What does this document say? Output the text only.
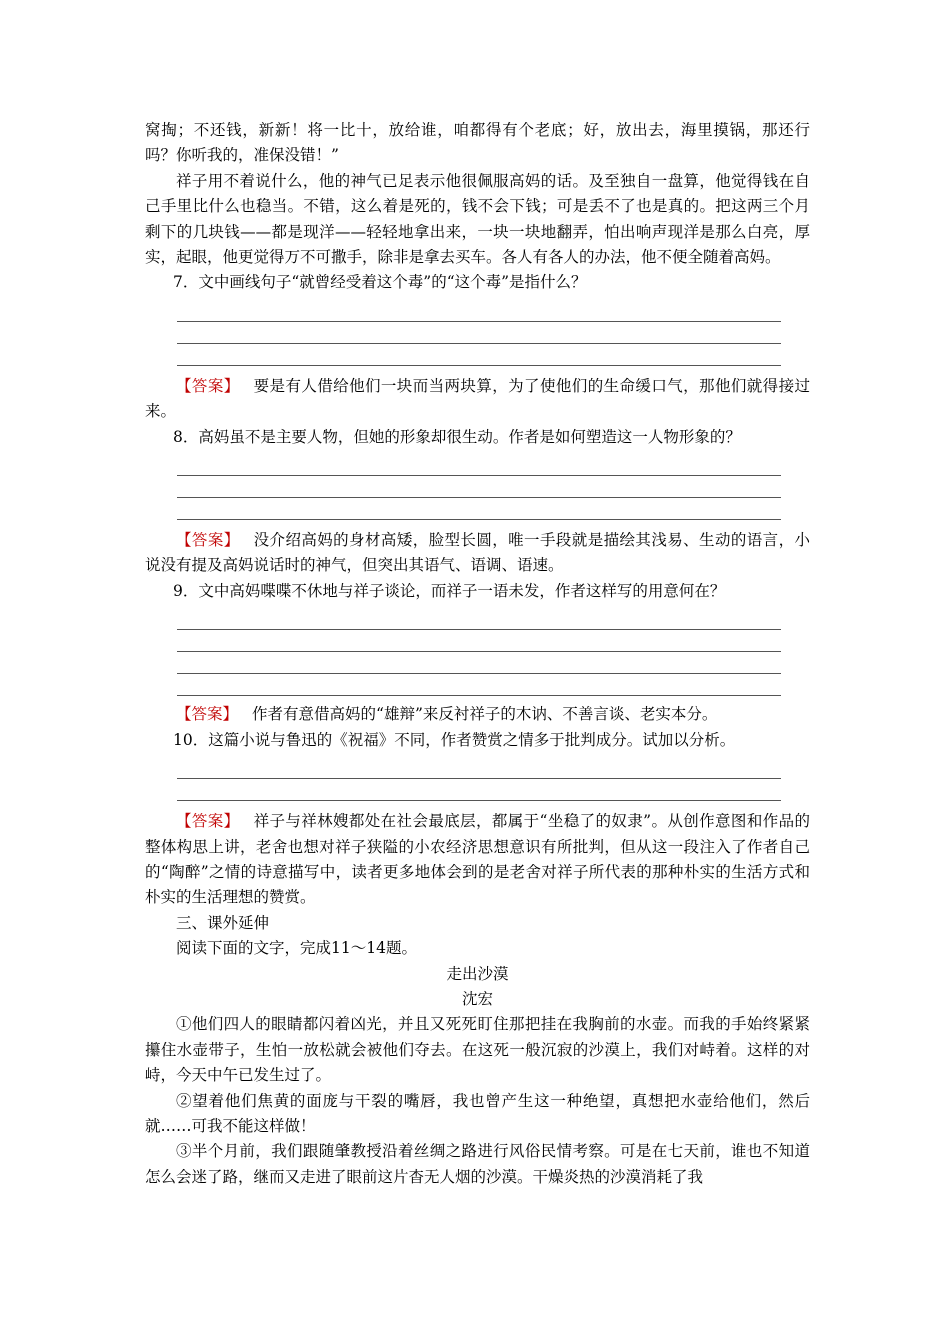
窝掏；不还钱，新新！将一比十，放给谁，咱都得有个老底；好，放出去，海里摸锅，那还行吗？你听我的，准保没错！”

祥子用不着说什么，他的神气已足表示他很佩服高妈的话。及至独自一盘算，他觉得钱在自己手里比什么也稳当。不错，这么着是死的，钱不会下钱；可是丢不了也是真的。把这两三个月剩下的几块钱——都是现洋——轻轻地拿出来，一块一块地翻弄，怕出响声现洋是那么白亮，厚实，起眼，他更觉得万不可撒手，除非是拿去买车。各人有各人的办法，他不便全随着高妈。

7．文中画线句子“就曾经受着这个毒”的“这个毒”是指什么？

【答案】 要是有人借给他们一块而当两块算，为了使他们的生命缓口气，那他们就得接过来。

8．高妈虽不是主要人物，但她的形象却很生动。作者是如何塑造这一人物形象的？

【答案】 没介绍高妈的身材高矮，脸型长圆，唯一手段就是描绘其浅易、生动的语言，小说没有提及高妈说话时的神气，但突出其语气、语调、语速。

9．文中高妈喋喋不休地与祥子谈论，而祥子一语未发，作者这样写的用意何在？

【答案】 作者有意借高妈的“雄辩”来反衬祥子的木讷、不善言谈、老实本分。

10．这篇小说与鲁迅的《祝福》不同，作者赞赏之情多于批判成分。试加以分析。

【答案】 祥子与祥林嫂都处在社会最底层，都属于“坐稳了的奴隶”。从创作意图和作品的整体构思上讲，老舍也想对祥子狭隘的小农经济思想意识有所批判，但从这一段注入了作者自己的“陶醉”之情的诗意描写中，读者更多地体会到的是老舍对祥子所代表的那种朴实的生活方式和朴实的生活理想的赞赏。

三、课外延伸

阅读下面的文字，完成11～14题。

走出沙漠

沈宏

①他们四人的眼睛都闪着凶光，并且又死死盯住那把挂在我胸前的水壶。而我的手始终紧紧攥住水壶带子，生怕一放松就会被他们夺去。在这死一般沉寂的沙漠上，我们对峙着。这样的对峙，今天中午已发生过了。

②望着他们焦黄的面庞与干裂的嘴唇，我也曾产生这一种绝望，真想把水壶给他们，然后就……可我不能这样做！

③半个月前，我们跟随肇教授沿着丝绸之路进行风俗民情考察。可是在七天前，谁也不知道怎么会迷了路，继而又走进了眼前这片杳无人烟的沙漠。干燥炎热的沙漠消耗了我
